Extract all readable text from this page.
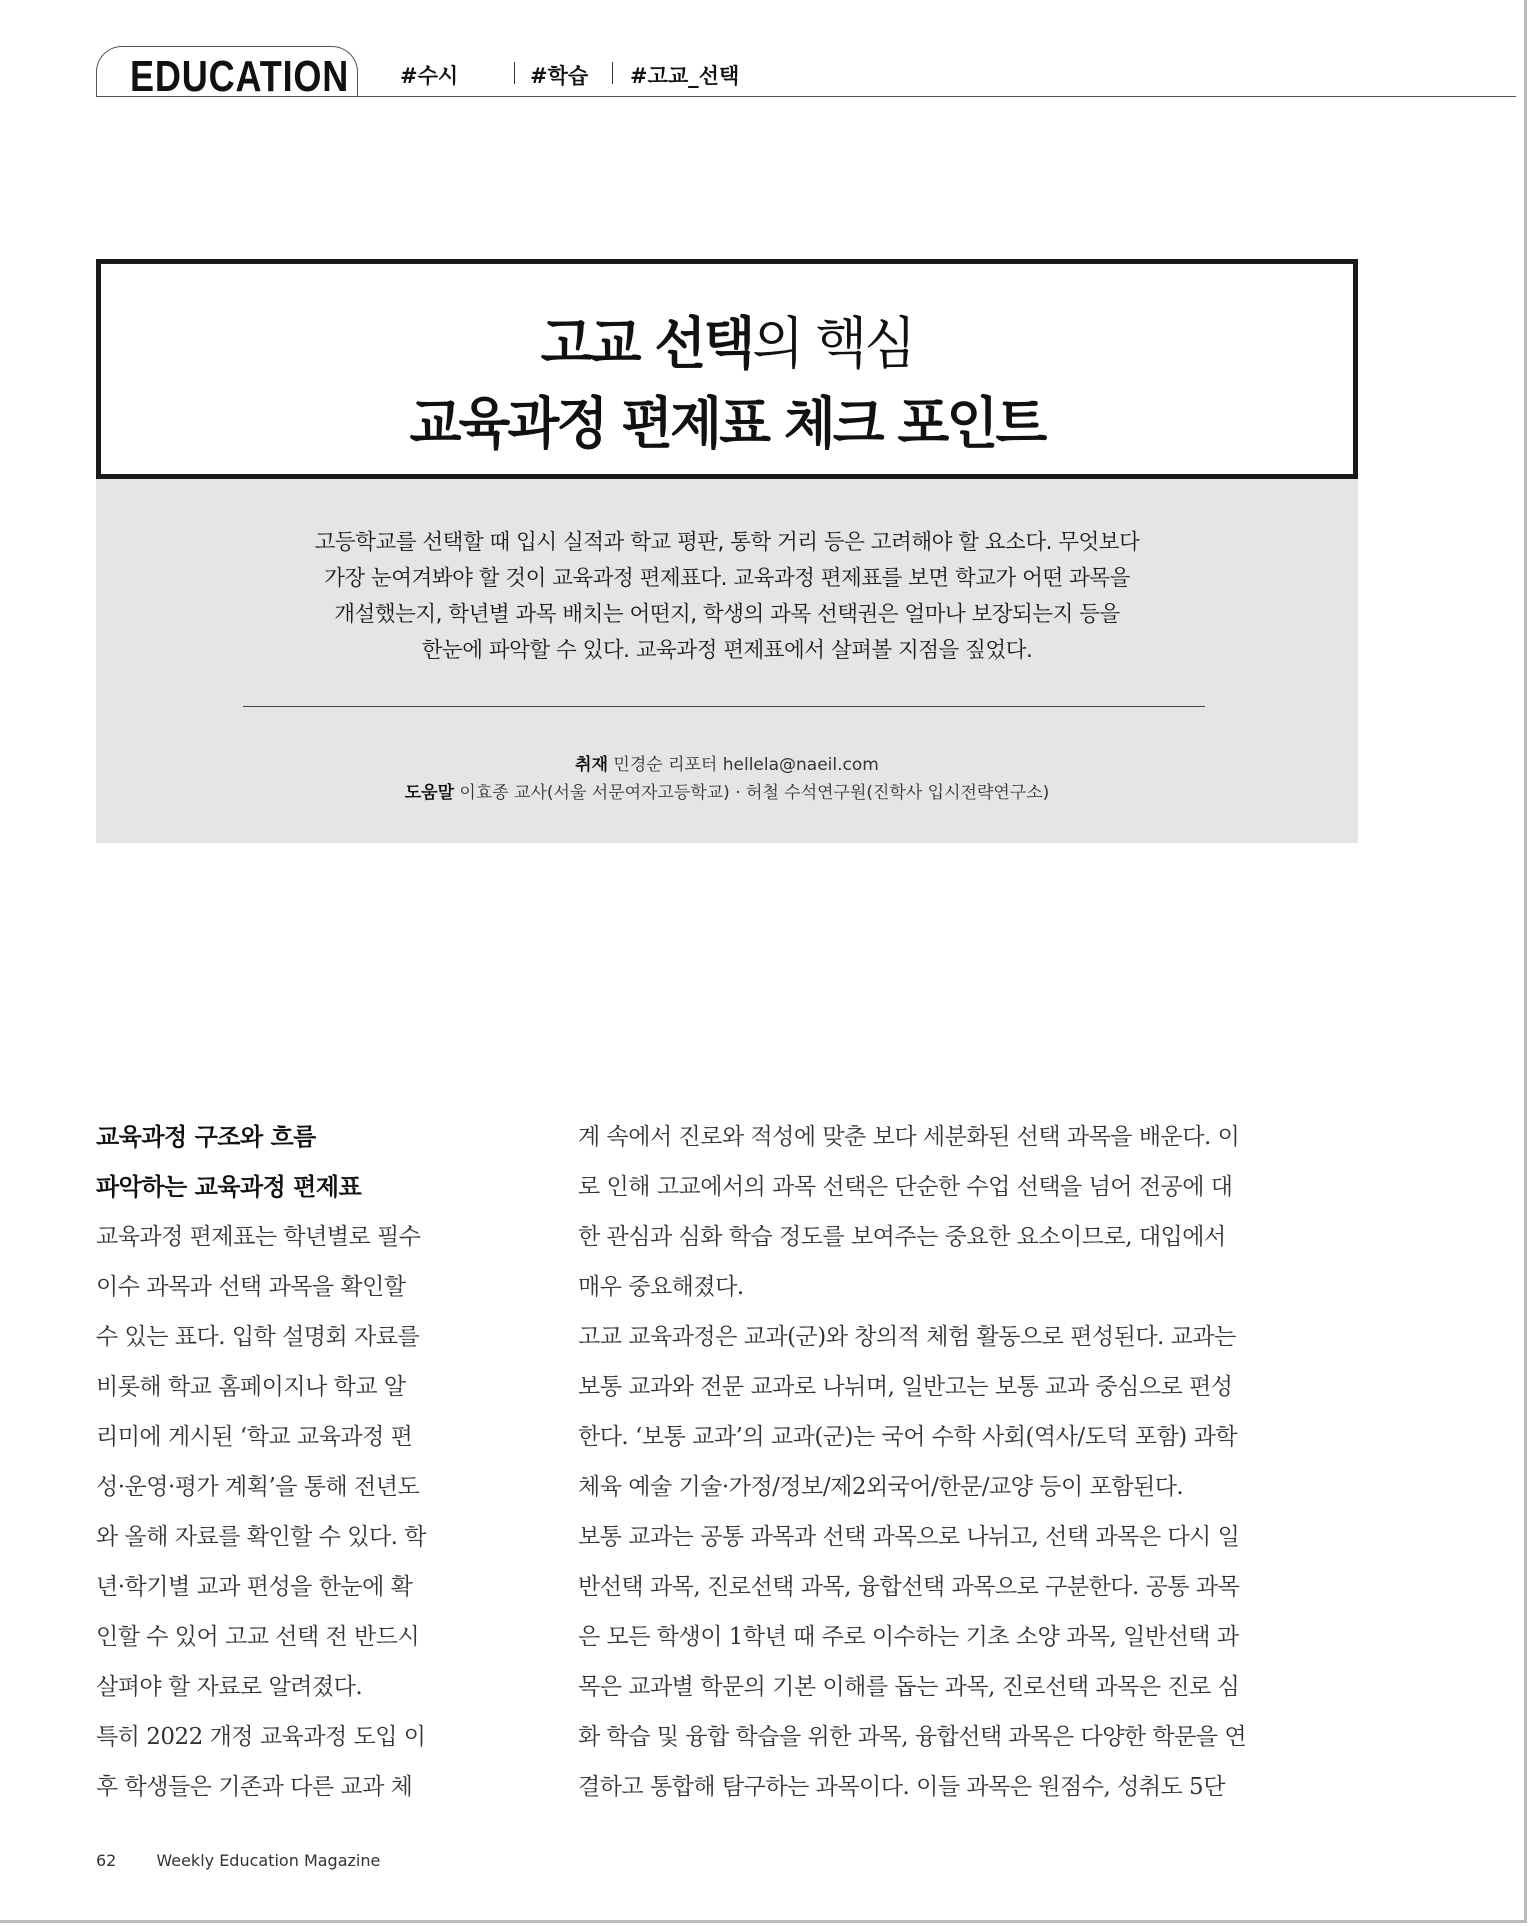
EDUCATION #수시	#학습 #고교_선택
고교 선택의 핵심
교육과정 편제표 체크 포인트
고등학교를 선택할 때 입시 실적과 학교 평판, 통학 거리 등은 고려해야 할 요소다. 무엇보다
가장 눈여겨봐야 할 것이 교육과정 편제표다. 교육과정 편제표를 보면 학교가 어떤 과목을
개설했는지, 학년별 과목 배치는 어떤지, 학생의 과목 선택권은 얼마나 보장되는지 등을
한눈에 파악할 수 있다. 교육과정 편제표에서 살펴볼 지점을 짚었다.
취재 민경순 리포터 hellela@naeil.com
도움말 이효종 교사(서울 서문여자고등학교) · 허철 수석연구원(진학사 입시전략연구소)
교육과정 구조와 흐름
파악하는 교육과정 편제표
교육과정 편제표는 학년별로 필수
이수 과목과 선택 과목을 확인할
수 있는 표다. 입학 설명회 자료를
비롯해 학교 홈페이지나 학교 알
리미에 게시된 ‘학교 교육과정 편
성·운영·평가 계획’을 통해 전년도
와 올해 자료를 확인할 수 있다. 학
년·학기별 교과 편성을 한눈에 확
인할 수 있어 고교 선택 전 반드시
살펴야 할 자료로 알려졌다.
특히 2022 개정 교육과정 도입 이
후 학생들은 기존과 다른 교과 체
계 속에서 진로와 적성에 맞춘 보다 세분화된 선택 과목을 배운다. 이
로 인해 고교에서의 과목 선택은 단순한 수업 선택을 넘어 전공에 대
한 관심과 심화 학습 정도를 보여주는 중요한 요소이므로, 대입에서
매우 중요해졌다.
고교 교육과정은 교과(군)와 창의적 체험 활동으로 편성된다. 교과는
보통 교과와 전문 교과로 나뉘며, 일반고는 보통 교과 중심으로 편성
한다. ‘보통 교과’의 교과(군)는 국어 수학 사회(역사/도덕 포함) 과학
체육 예술 기술·가정/정보/제2외국어/한문/교양 등이 포함된다.
보통 교과는 공통 과목과 선택 과목으로 나뉘고, 선택 과목은 다시 일
반선택 과목, 진로선택 과목, 융합선택 과목으로 구분한다. 공통 과목
은 모든 학생이 1학년 때 주로 이수하는 기초 소양 과목, 일반선택 과
목은 교과별 학문의 기본 이해를 돕는 과목, 진로선택 과목은 진로 심
화 학습 및 융합 학습을 위한 과목, 융합선택 과목은 다양한 학문을 연
결하고 통합해 탐구하는 과목이다. 이들 과목은 원점수, 성취도 5단
62	Weekly Education Magazine
